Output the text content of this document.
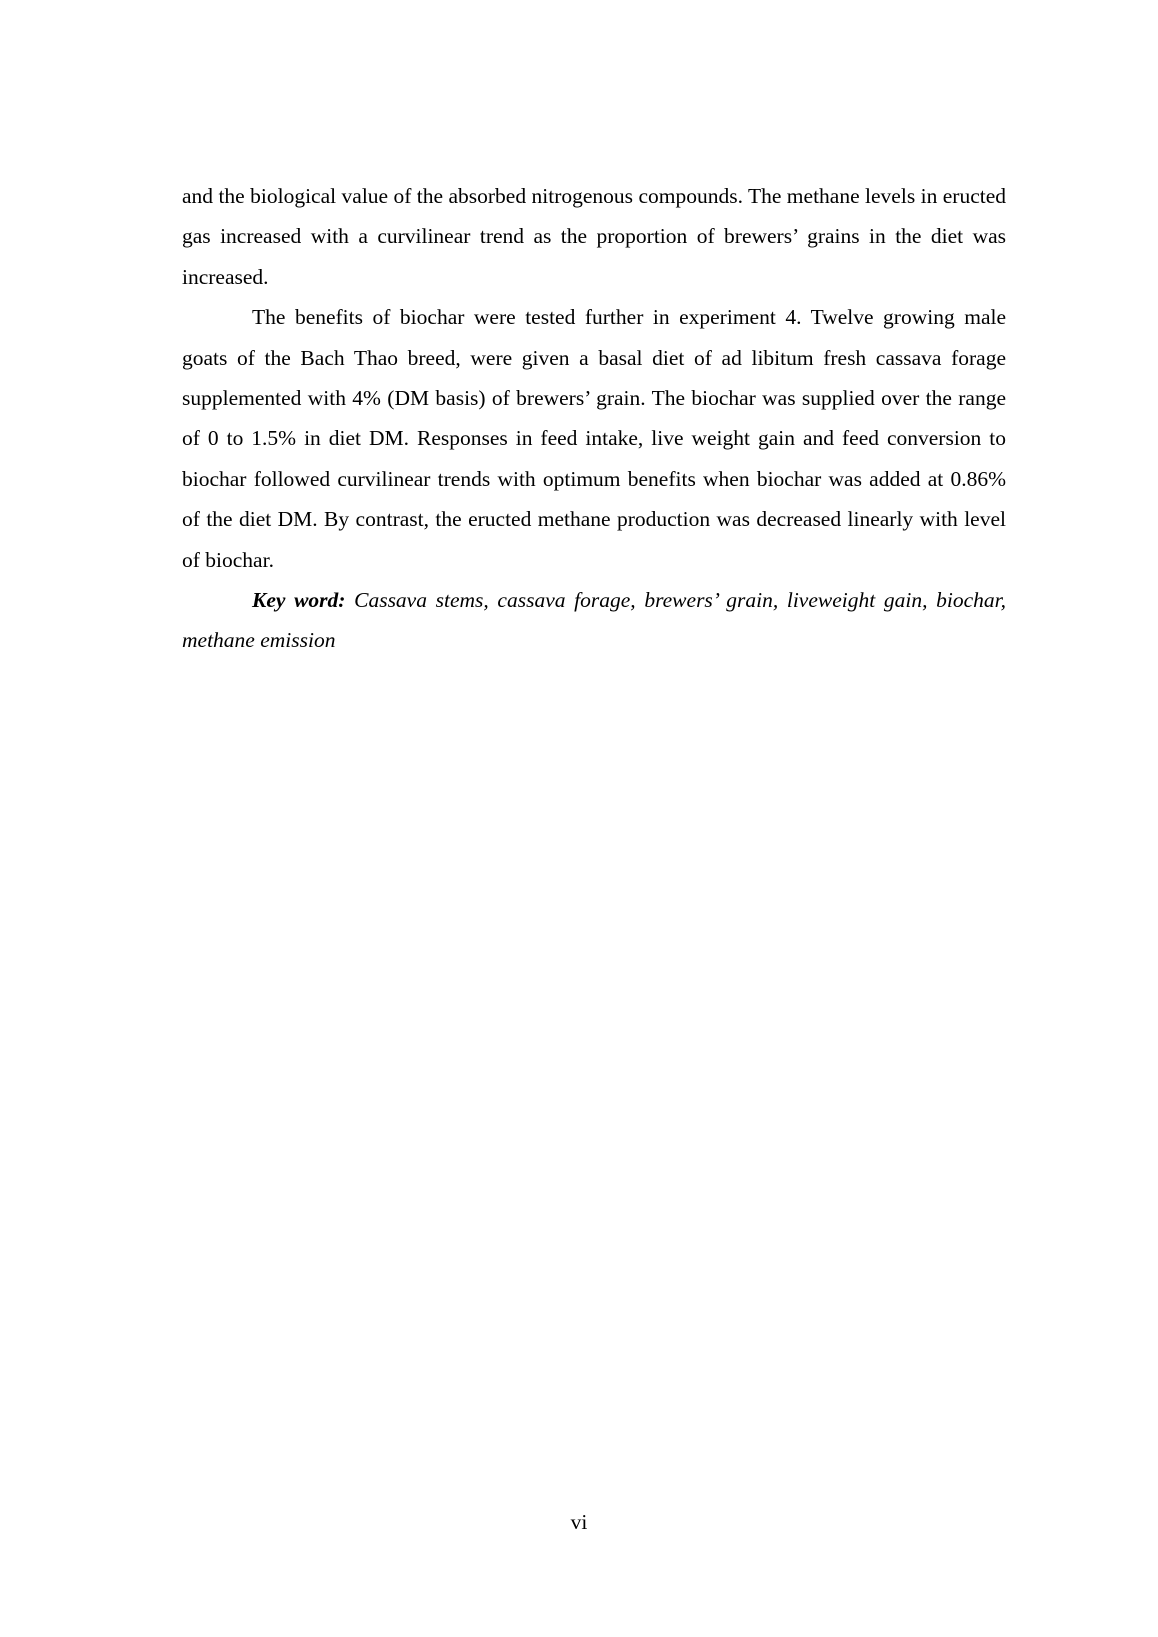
and the biological value of the absorbed nitrogenous compounds. The methane levels in eructed gas increased with a curvilinear trend as the proportion of brewers’ grains in the diet was increased.

The benefits of biochar were tested further in experiment 4. Twelve growing male goats of the Bach Thao breed, were given a basal diet of ad libitum fresh cassava forage supplemented with 4% (DM basis) of brewers’ grain. The biochar was supplied over the range of 0 to 1.5% in diet DM. Responses in feed intake, live weight gain and feed conversion to biochar followed curvilinear trends with optimum benefits when biochar was added at 0.86% of the diet DM. By contrast, the eructed methane production was decreased linearly with level of biochar.

Key word: Cassava stems, cassava forage, brewers’ grain, liveweight gain, biochar, methane emission

vi
